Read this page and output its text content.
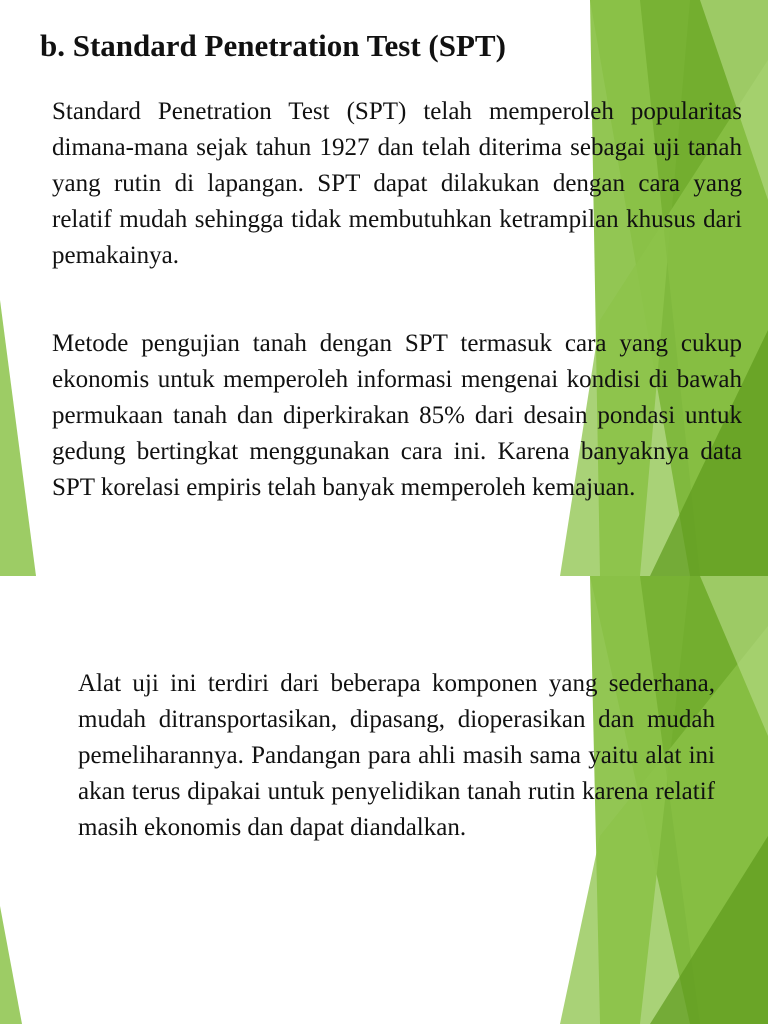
b. Standard Penetration Test (SPT)

Standard Penetration Test (SPT) telah memperoleh popularitas dimana-mana sejak tahun 1927 dan telah diterima sebagai uji tanah yang rutin di lapangan. SPT dapat dilakukan dengan cara yang relatif mudah sehingga tidak membutuhkan ketrampilan khusus dari pemakainya.

Metode pengujian tanah dengan SPT termasuk cara yang cukup ekonomis untuk memperoleh informasi mengenai kondisi di bawah permukaan tanah dan diperkirakan 85% dari desain pondasi untuk gedung bertingkat menggunakan cara ini. Karena banyaknya data SPT korelasi empiris telah banyak memperoleh kemajuan.

Alat uji ini terdiri dari beberapa komponen yang sederhana, mudah ditransportasikan, dipasang, dioperasikan dan mudah pemeliharannya. Pandangan para ahli masih sama yaitu alat ini akan terus dipakai untuk penyelidikan tanah rutin karena relatif masih ekonomis dan dapat diandalkan.
